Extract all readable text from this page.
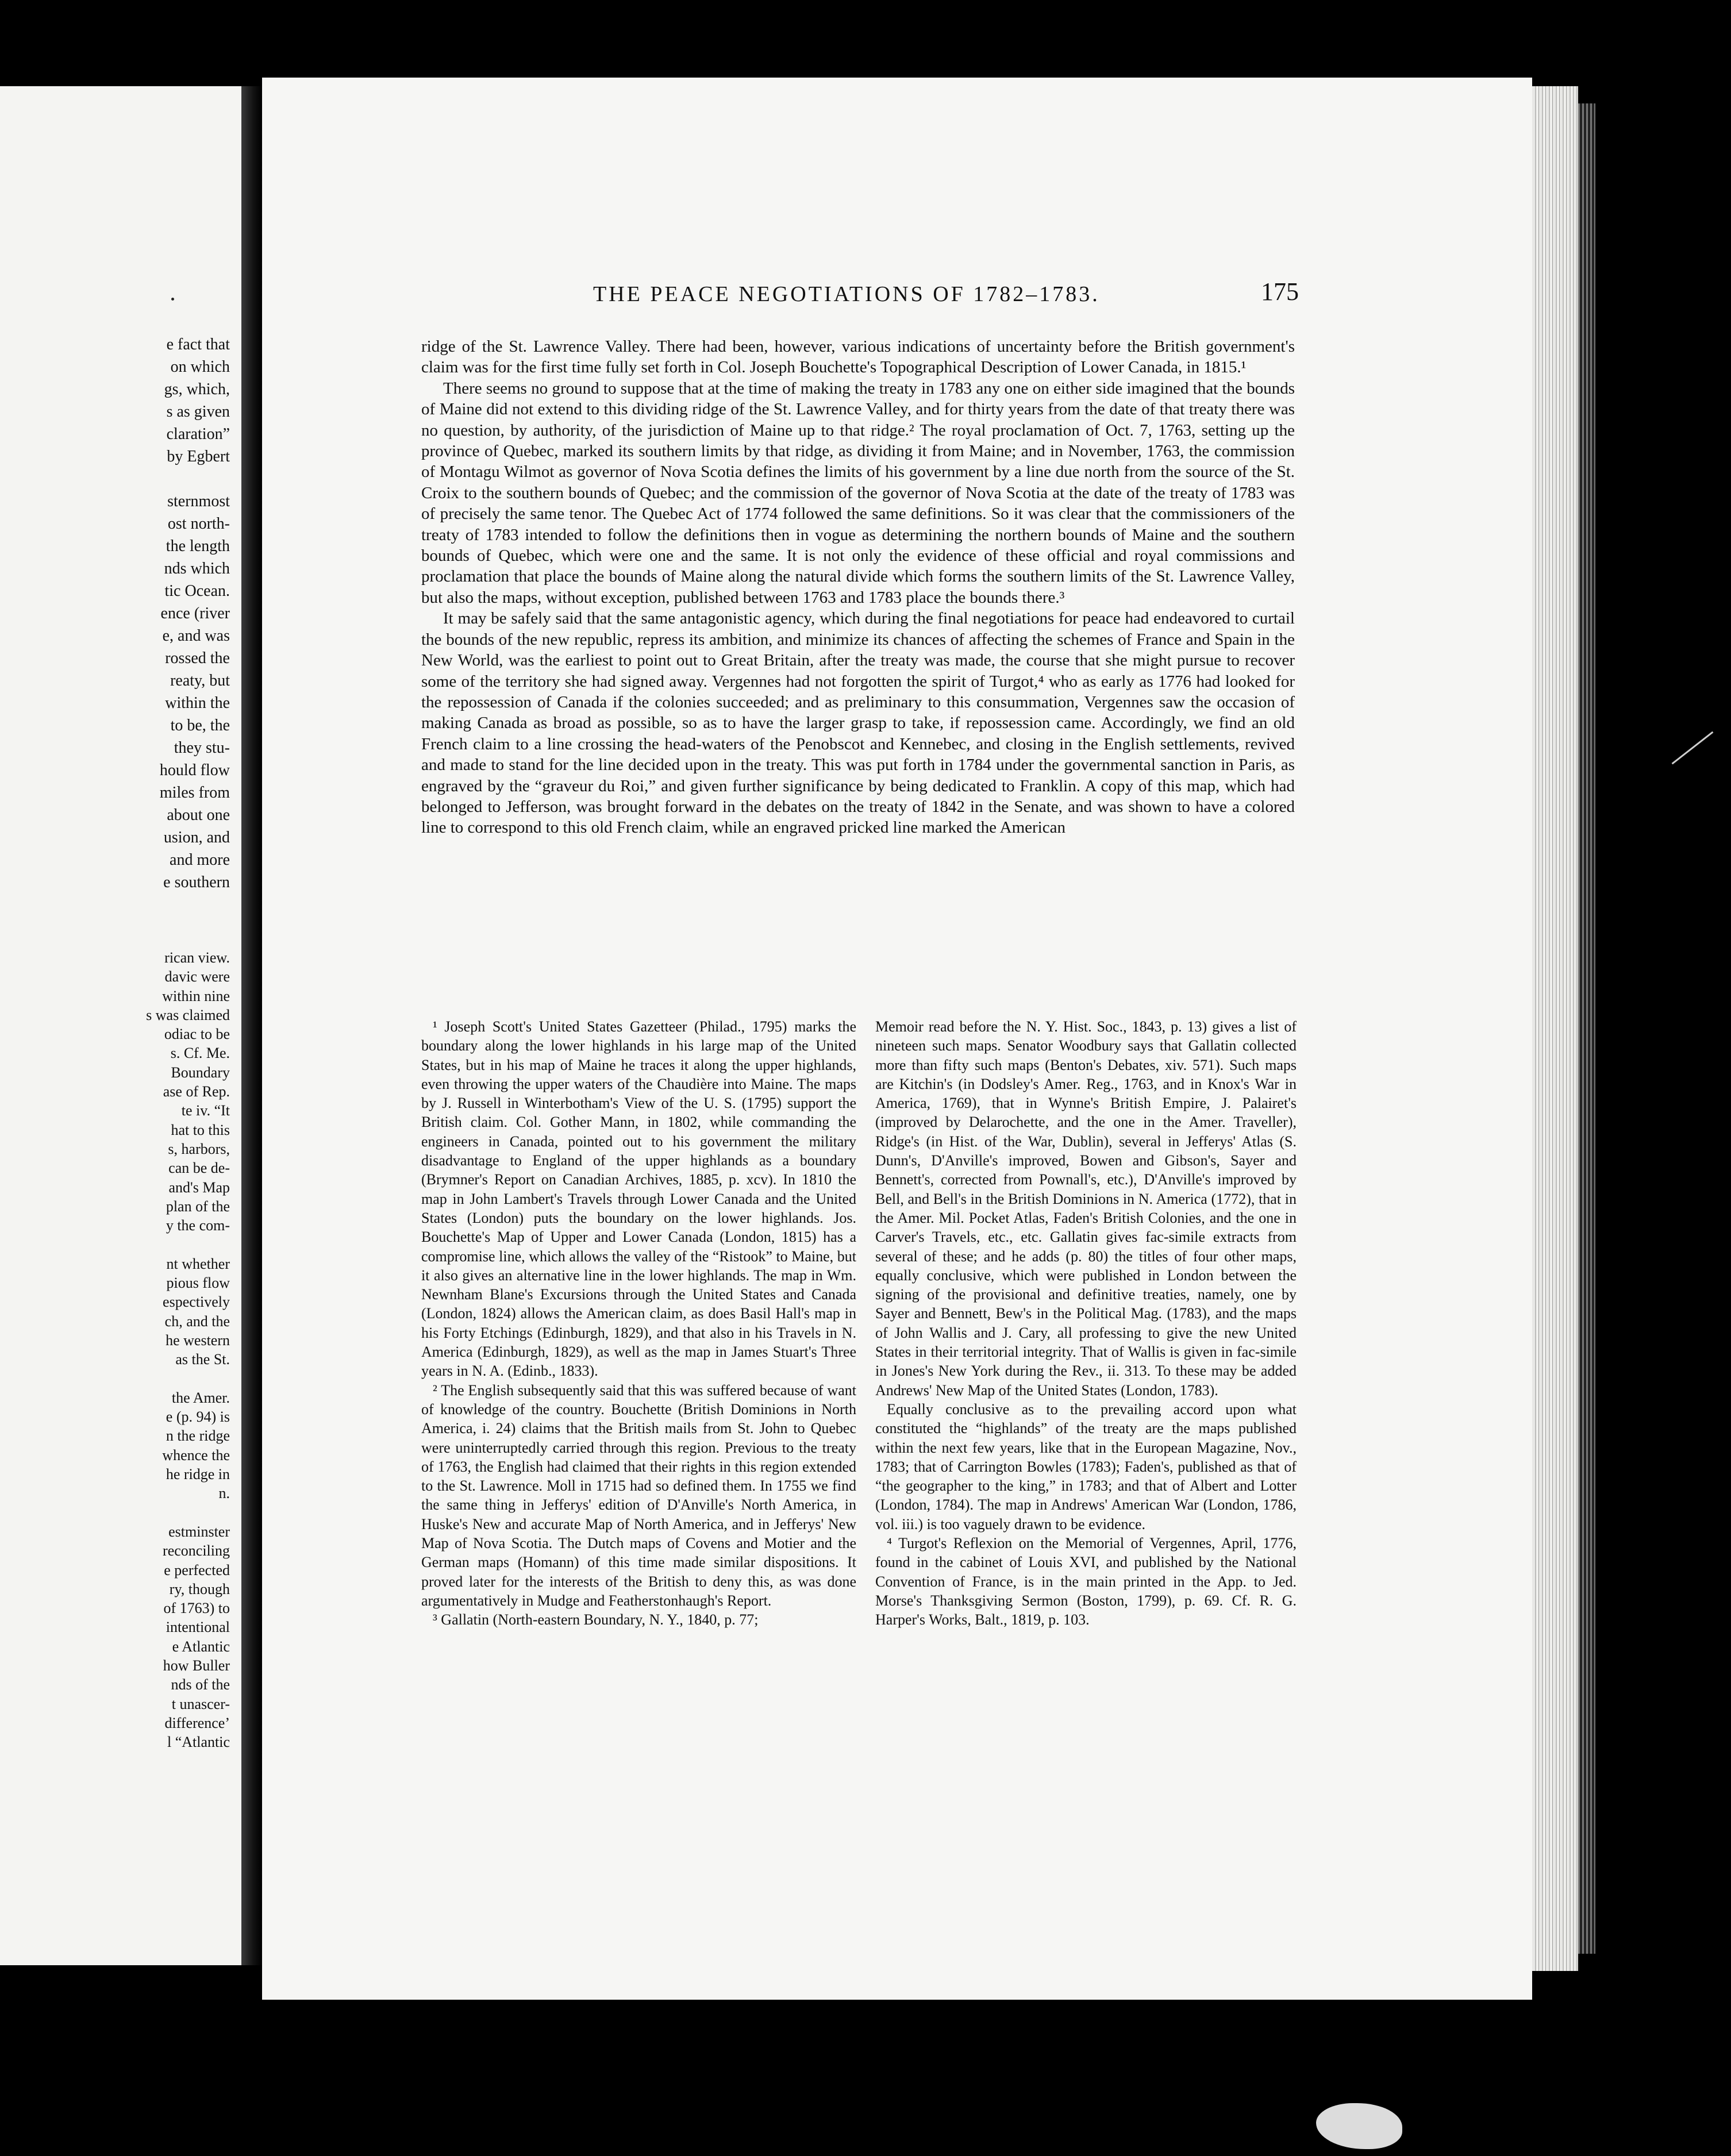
e fact that
on which
gs, which,
s as given
claration”
by Egbert
sternmost
ost north-
the length
nds which
tic Ocean.
ence (river
e, and was
rossed the
reaty, but
within the
to be, the
they stu-
hould flow
miles from
about one
usion, and
and more
e southern
rican view.
davic were
within nine
s was claimed
odiac to be
s. Cf. Me.
Boundary
ase of Rep.
te iv. “It
hat to this
s, harbors,
can be de-
and's Map
plan of the
y the com-
nt whether
pious flow
espectively
ch, and the
he western
as the St.
the Amer.
e (p. 94) is
n the ridge
whence the
he ridge in
n.
estminster
reconciling
e perfected
ry, though
of 1763) to
intentional
e Atlantic
how Buller
nds of the
t unascer-
difference’
l “Atlantic
THE PEACE NEGOTIATIONS OF 1782–1783.	175

ridge of the St. Lawrence Valley. There had been, however, various indications of uncertainty before the British government's claim was for the first time fully set forth in Col. Joseph Bouchette's Topographical Description of Lower Canada, in 1815.¹

There seems no ground to suppose that at the time of making the treaty in 1783 any one on either side imagined that the bounds of Maine did not extend to this dividing ridge of the St. Lawrence Valley, and for thirty years from the date of that treaty there was no question, by authority, of the jurisdiction of Maine up to that ridge.² The royal proclamation of Oct. 7, 1763, setting up the province of Quebec, marked its southern limits by that ridge, as dividing it from Maine; and in November, 1763, the commission of Montagu Wilmot as governor of Nova Scotia defines the limits of his government by a line due north from the source of the St. Croix to the southern bounds of Quebec; and the commission of the governor of Nova Scotia at the date of the treaty of 1783 was of precisely the same tenor. The Quebec Act of 1774 followed the same definitions. So it was clear that the commissioners of the treaty of 1783 intended to follow the definitions then in vogue as determining the northern bounds of Maine and the southern bounds of Quebec, which were one and the same. It is not only the evidence of these official and royal commissions and proclamation that place the bounds of Maine along the natural divide which forms the southern limits of the St. Lawrence Valley, but also the maps, without exception, published between 1763 and 1783 place the bounds there.³

It may be safely said that the same antagonistic agency, which during the final negotiations for peace had endeavored to curtail the bounds of the new republic, repress its ambition, and minimize its chances of affecting the schemes of France and Spain in the New World, was the earliest to point out to Great Britain, after the treaty was made, the course that she might pursue to recover some of the territory she had signed away. Vergennes had not forgotten the spirit of Turgot,⁴ who as early as 1776 had looked for the repossession of Canada if the colonies succeeded; and as preliminary to this consummation, Vergennes saw the occasion of making Canada as broad as possible, so as to have the larger grasp to take, if repossession came. Accordingly, we find an old French claim to a line crossing the head-waters of the Penobscot and Kennebec, and closing in the English settlements, revived and made to stand for the line decided upon in the treaty. This was put forth in 1784 under the governmental sanction in Paris, as engraved by the “graveur du Roi,” and given further significance by being dedicated to Franklin. A copy of this map, which had belonged to Jefferson, was brought forward in the debates on the treaty of 1842 in the Senate, and was shown to have a colored line to correspond to this old French claim, while an engraved pricked line marked the American

¹ Joseph Scott's United States Gazetteer (Philad., 1795) marks the boundary along the lower highlands in his large map of the United States, but in his map of Maine he traces it along the upper highlands, even throwing the upper waters of the Chaudière into Maine. The maps by J. Russell in Winterbotham's View of the U. S. (1795) support the British claim. Col. Gother Mann, in 1802, while commanding the engineers in Canada, pointed out to his government the military disadvantage to England of the upper highlands as a boundary (Brymner's Report on Canadian Archives, 1885, p. xcv). In 1810 the map in John Lambert's Travels through Lower Canada and the United States (London) puts the boundary on the lower highlands. Jos. Bouchette's Map of Upper and Lower Canada (London, 1815) has a compromise line, which allows the valley of the “Ristook” to Maine, but it also gives an alternative line in the lower highlands. The map in Wm. Newnham Blane's Excursions through the United States and Canada (London, 1824) allows the American claim, as does Basil Hall's map in his Forty Etchings (Edinburgh, 1829), and that also in his Travels in N. America (Edinburgh, 1829), as well as the map in James Stuart's Three years in N. A. (Edinb., 1833).

² The English subsequently said that this was suffered because of want of knowledge of the country. Bouchette (British Dominions in North America, i. 24) claims that the British mails from St. John to Quebec were uninterruptedly carried through this region. Previous to the treaty of 1763, the English had claimed that their rights in this region extended to the St. Lawrence. Moll in 1715 had so defined them. In 1755 we find the same thing in Jefferys' edition of D'Anville's North America, in Huske's New and accurate Map of North America, and in Jefferys' New Map of Nova Scotia. The Dutch maps of Covens and Motier and the German maps (Homann) of this time made similar dispositions. It proved later for the interests of the British to deny this, as was done argumentatively in Mudge and Featherstonhaugh's Report.

³ Gallatin (North-eastern Boundary, N. Y., 1840, p. 77;

Memoir read before the N. Y. Hist. Soc., 1843, p. 13) gives a list of nineteen such maps. Senator Woodbury says that Gallatin collected more than fifty such maps (Benton's Debates, xiv. 571). Such maps are Kitchin's (in Dodsley's Amer. Reg., 1763, and in Knox's War in America, 1769), that in Wynne's British Empire, J. Palairet's (improved by Delarochette, and the one in the Amer. Traveller), Ridge's (in Hist. of the War, Dublin), several in Jefferys' Atlas (S. Dunn's, D'Anville's improved, Bowen and Gibson's, Sayer and Bennett's, corrected from Pownall's, etc.), D'Anville's improved by Bell, and Bell's in the British Dominions in N. America (1772), that in the Amer. Mil. Pocket Atlas, Faden's British Colonies, and the one in Carver's Travels, etc., etc. Gallatin gives fac-simile extracts from several of these; and he adds (p. 80) the titles of four other maps, equally conclusive, which were published in London between the signing of the provisional and definitive treaties, namely, one by Sayer and Bennett, Bew's in the Political Mag. (1783), and the maps of John Wallis and J. Cary, all professing to give the new United States in their territorial integrity. That of Wallis is given in fac-simile in Jones's New York during the Rev., ii. 313. To these may be added Andrews' New Map of the United States (London, 1783).

Equally conclusive as to the prevailing accord upon what constituted the “highlands” of the treaty are the maps published within the next few years, like that in the European Magazine, Nov., 1783; that of Carrington Bowles (1783); Faden's, published as that of “the geographer to the king,” in 1783; and that of Albert and Lotter (London, 1784). The map in Andrews' American War (London, 1786, vol. iii.) is too vaguely drawn to be evidence.

⁴ Turgot's Reflexion on the Memorial of Vergennes, April, 1776, found in the cabinet of Louis XVI, and published by the National Convention of France, is in the main printed in the App. to Jed. Morse's Thanksgiving Sermon (Boston, 1799), p. 69. Cf. R. G. Harper's Works, Balt., 1819, p. 103.
